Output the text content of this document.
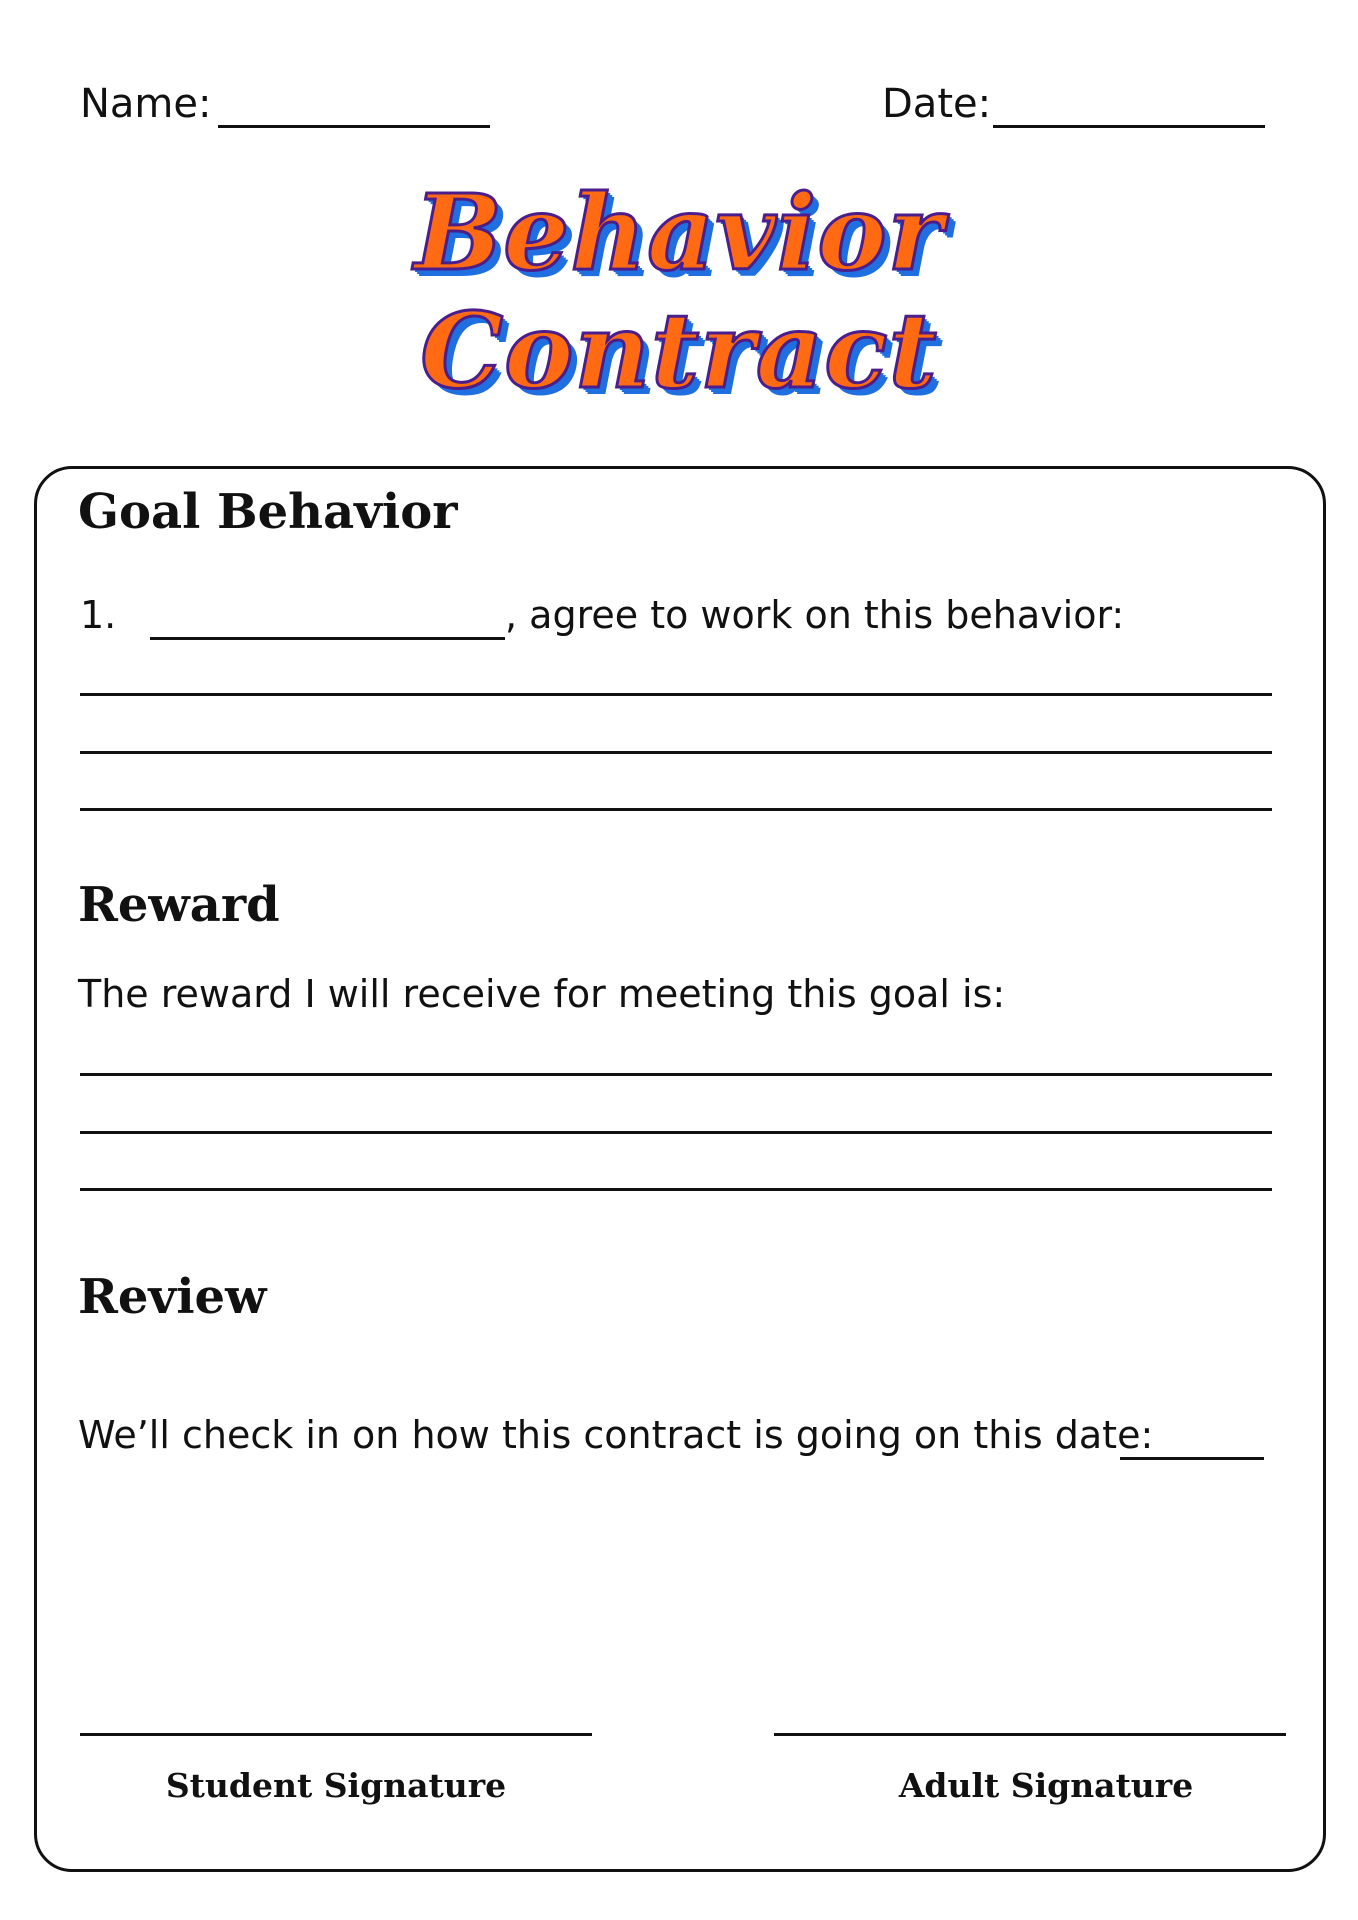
Name:	Date:
Behavior
Contract
Goal Behavior
1.	, agree to work on this behavior:
Reward
The reward I will receive for meeting this goal is:
Review
We’ll check in on how this contract is going on this date:
Student Signature	Adult Signature
